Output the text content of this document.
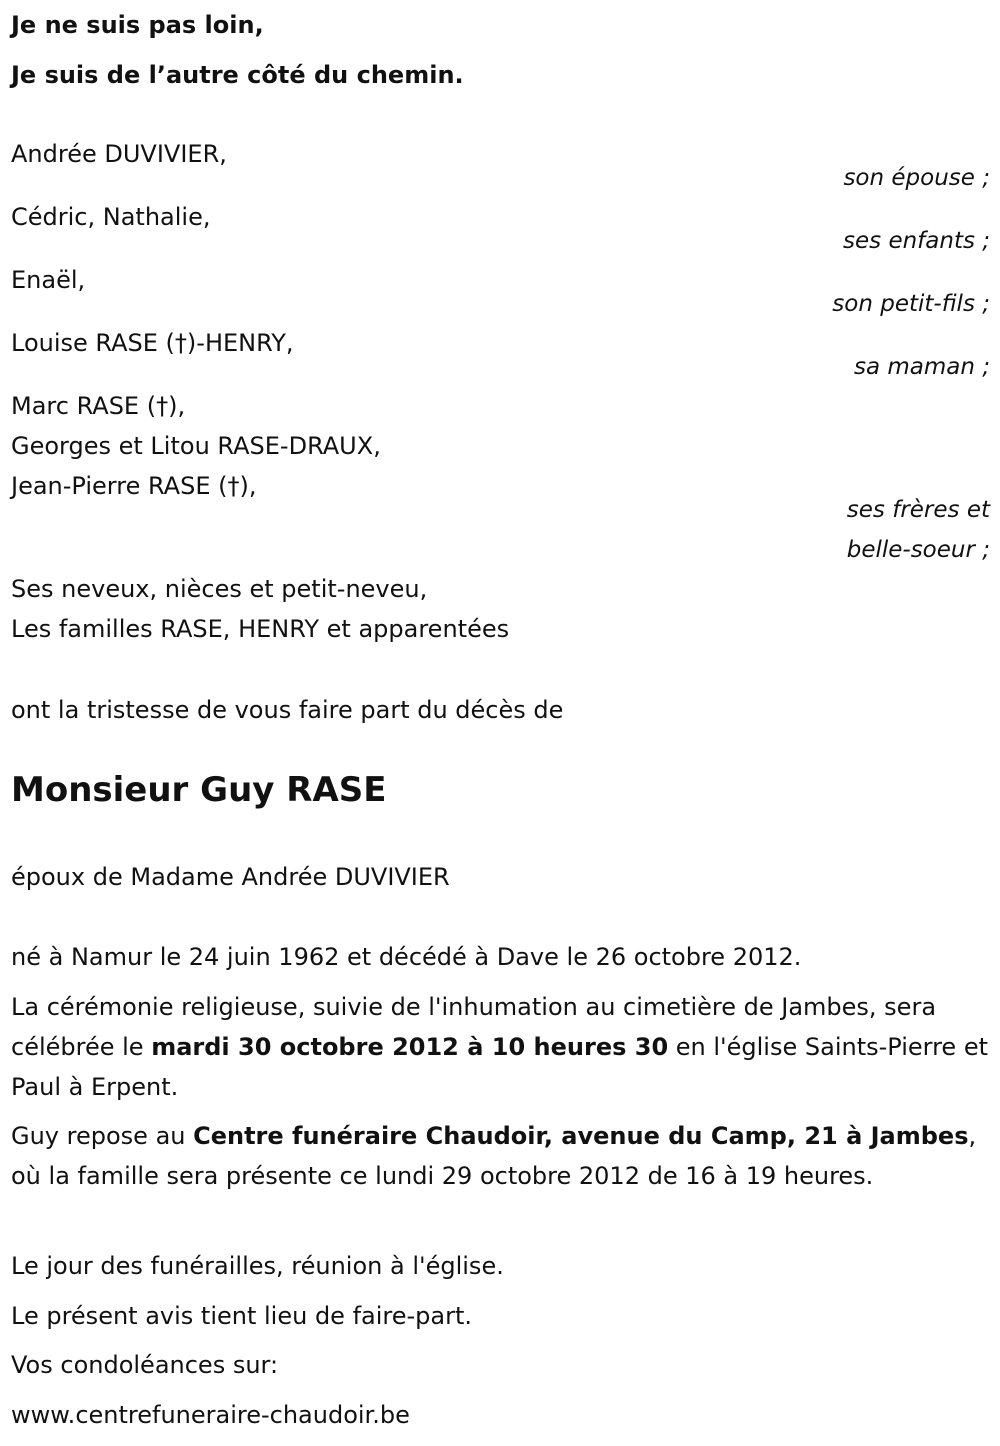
Je ne suis pas loin,
Je suis de l’autre côté du chemin.
Andrée DUVIVIER,
son épouse ;
Cédric, Nathalie,
ses enfants ;
Enaël,
son petit-fils ;
Louise RASE (†)-HENRY,
sa maman ;
Marc RASE (†),
Georges et Litou RASE-DRAUX,
Jean-Pierre RASE (†),
ses frères et
belle-soeur ;
Ses neveux, nièces et petit-neveu,
Les familles RASE, HENRY et apparentées
ont la tristesse de vous faire part du décès de
Monsieur Guy RASE
époux de Madame Andrée DUVIVIER
né à Namur le 24 juin 1962 et décédé à Dave le 26 octobre 2012.
La cérémonie religieuse, suivie de l'inhumation au cimetière de Jambes, sera célébrée le mardi 30 octobre 2012 à 10 heures 30 en l'église Saints-Pierre et Paul à Erpent.
Guy repose au Centre funéraire Chaudoir, avenue du Camp, 21 à Jambes, où la famille sera présente ce lundi 29 octobre 2012 de 16 à 19 heures.
Le jour des funérailles, réunion à l'église.
Le présent avis tient lieu de faire-part.
Vos condoléances sur:
www.centrefuneraire-chaudoir.be
